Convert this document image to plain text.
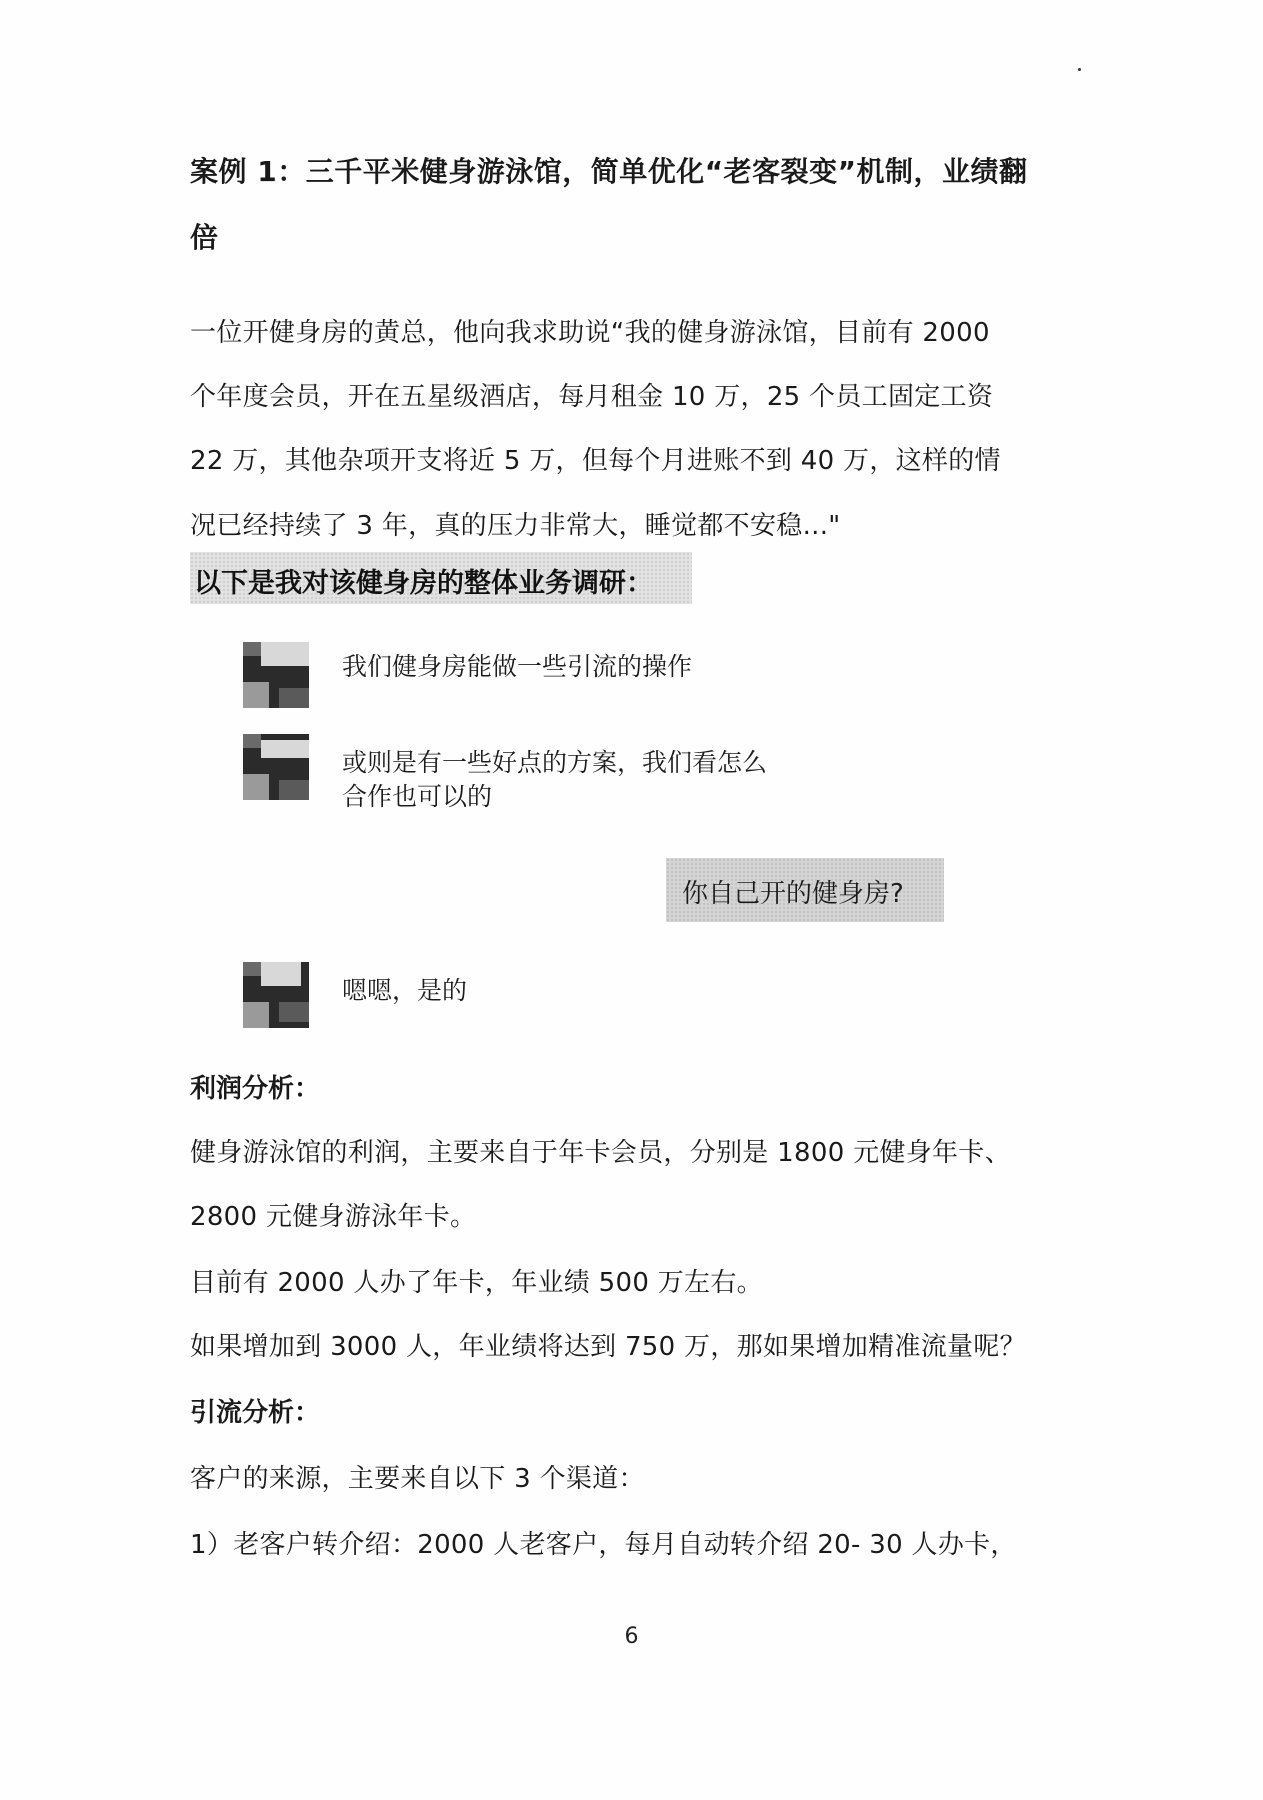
案例 1：三千平米健身游泳馆，简单优化“老客裂变”机制，业绩翻
倍
一位开健身房的黄总，他向我求助说“我的健身游泳馆，目前有 2000
个年度会员，开在五星级酒店，每月租金 10 万，25 个员工固定工资
22 万，其他杂项开支将近 5 万，但每个月进账不到 40 万，这样的情
况已经持续了 3 年，真的压力非常大，睡觉都不安稳..."
以下是我对该健身房的整体业务调研：
我们健身房能做一些引流的操作
或则是有一些好点的方案，我们看怎么
合作也可以的
你自己开的健身房?
嗯嗯，是的
利润分析：
健身游泳馆的利润，主要来自于年卡会员，分别是 1800 元健身年卡、
2800 元健身游泳年卡。
目前有 2000 人办了年卡，年业绩 500 万左右。
如果增加到 3000 人，年业绩将达到 750 万，那如果增加精准流量呢？
引流分析：
客户的来源，主要来自以下 3 个渠道：
1）老客户转介绍：2000 人老客户，每月自动转介绍 20- 30 人办卡，
6
